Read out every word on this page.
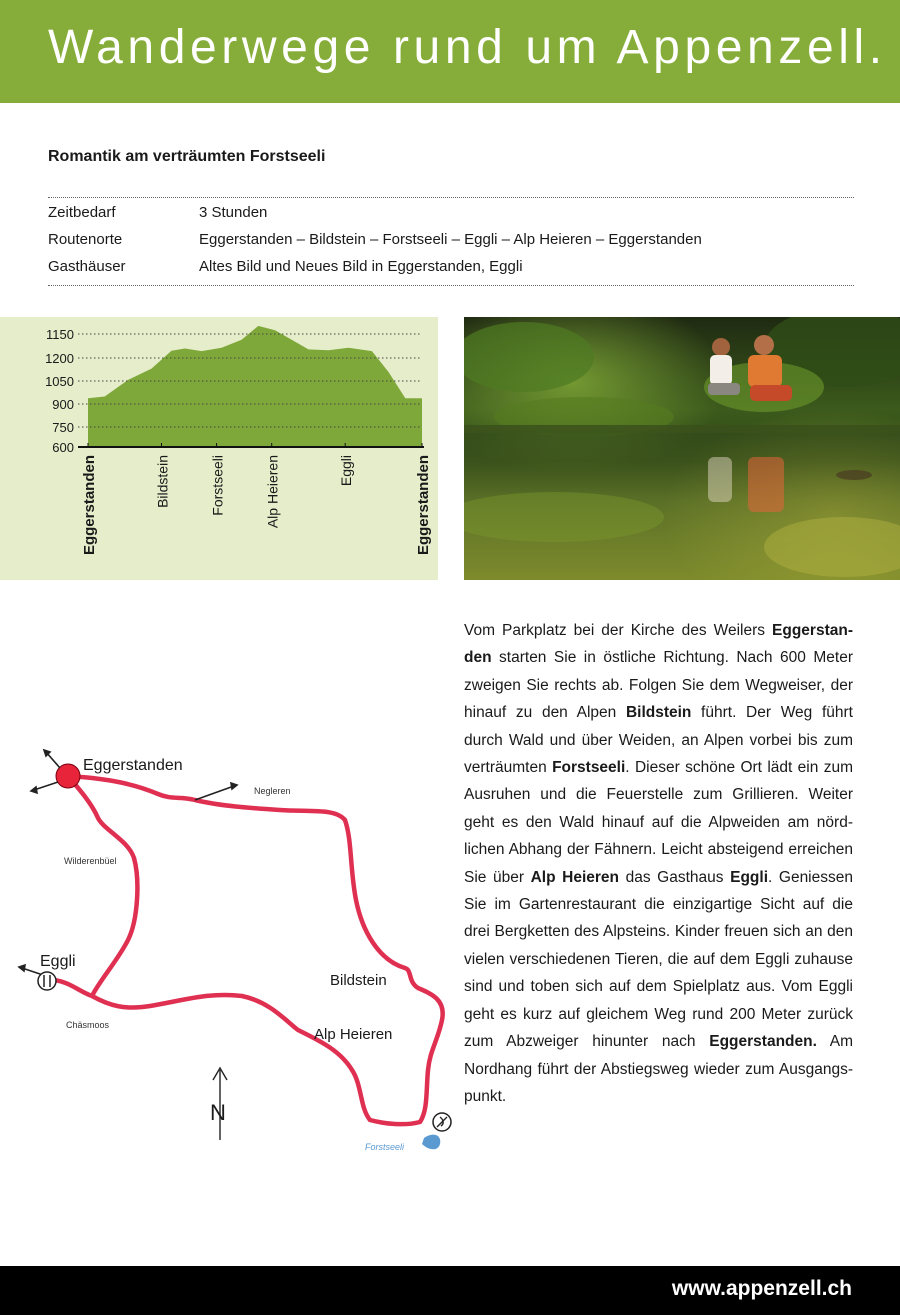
Wanderwege rund um Appenzell.
Romantik am verträumten Forstseeli
Zeitbedarf	3 Stunden
Routenorte	Eggerstanden – Bildstein – Forstseeli – Eggli – Alp Heieren – Eggerstanden
Gasthäuser	Altes Bild und Neues Bild in Eggerstanden, Eggli
1150
1200
1050
900
750
600
Eggerstanden	Bildstein	Forstseeli	Alp Heieren	Eggli	Eggerstanden
Eggerstanden
Negleren
Wilderenbüel
Eggli
Bildstein
Chäsmoos
Alp Heieren
Forstseeli
N
Vom Parkplatz bei der Kirche des Weilers Eggerstanden starten Sie in östliche Richtung. Nach 600 Meter zweigen Sie rechts ab. Folgen Sie dem Wegweiser, der hinauf zu den Alpen Bildstein führt. Der Weg führt durch Wald und über Weiden, an Alpen vorbei bis zum verträumten Forstseeli. Dieser schöne Ort lädt ein zum Ausruhen und die Feuerstelle zum Grillieren. Weiter geht es den Wald hinauf auf die Alpweiden am nördlichen Abhang der Fähnern. Leicht absteigend erreichen Sie über Alp Heieren das Gasthaus Eggli. Geniessen Sie im Gartenrestaurant die einzigartige Sicht auf die drei Bergketten des Alpsteins. Kinder freuen sich an den vielen verschiedenen Tieren, die auf dem Eggli zuhause sind und toben sich auf dem Spielplatz aus. Vom Eggli geht es kurz auf gleichem Weg rund 200 Meter zurück zum Abzweiger hinunter nach Eggerstanden. Am Nordhang führt der Abstiegsweg wieder zum Ausgangspunkt.
www.appenzell.ch
